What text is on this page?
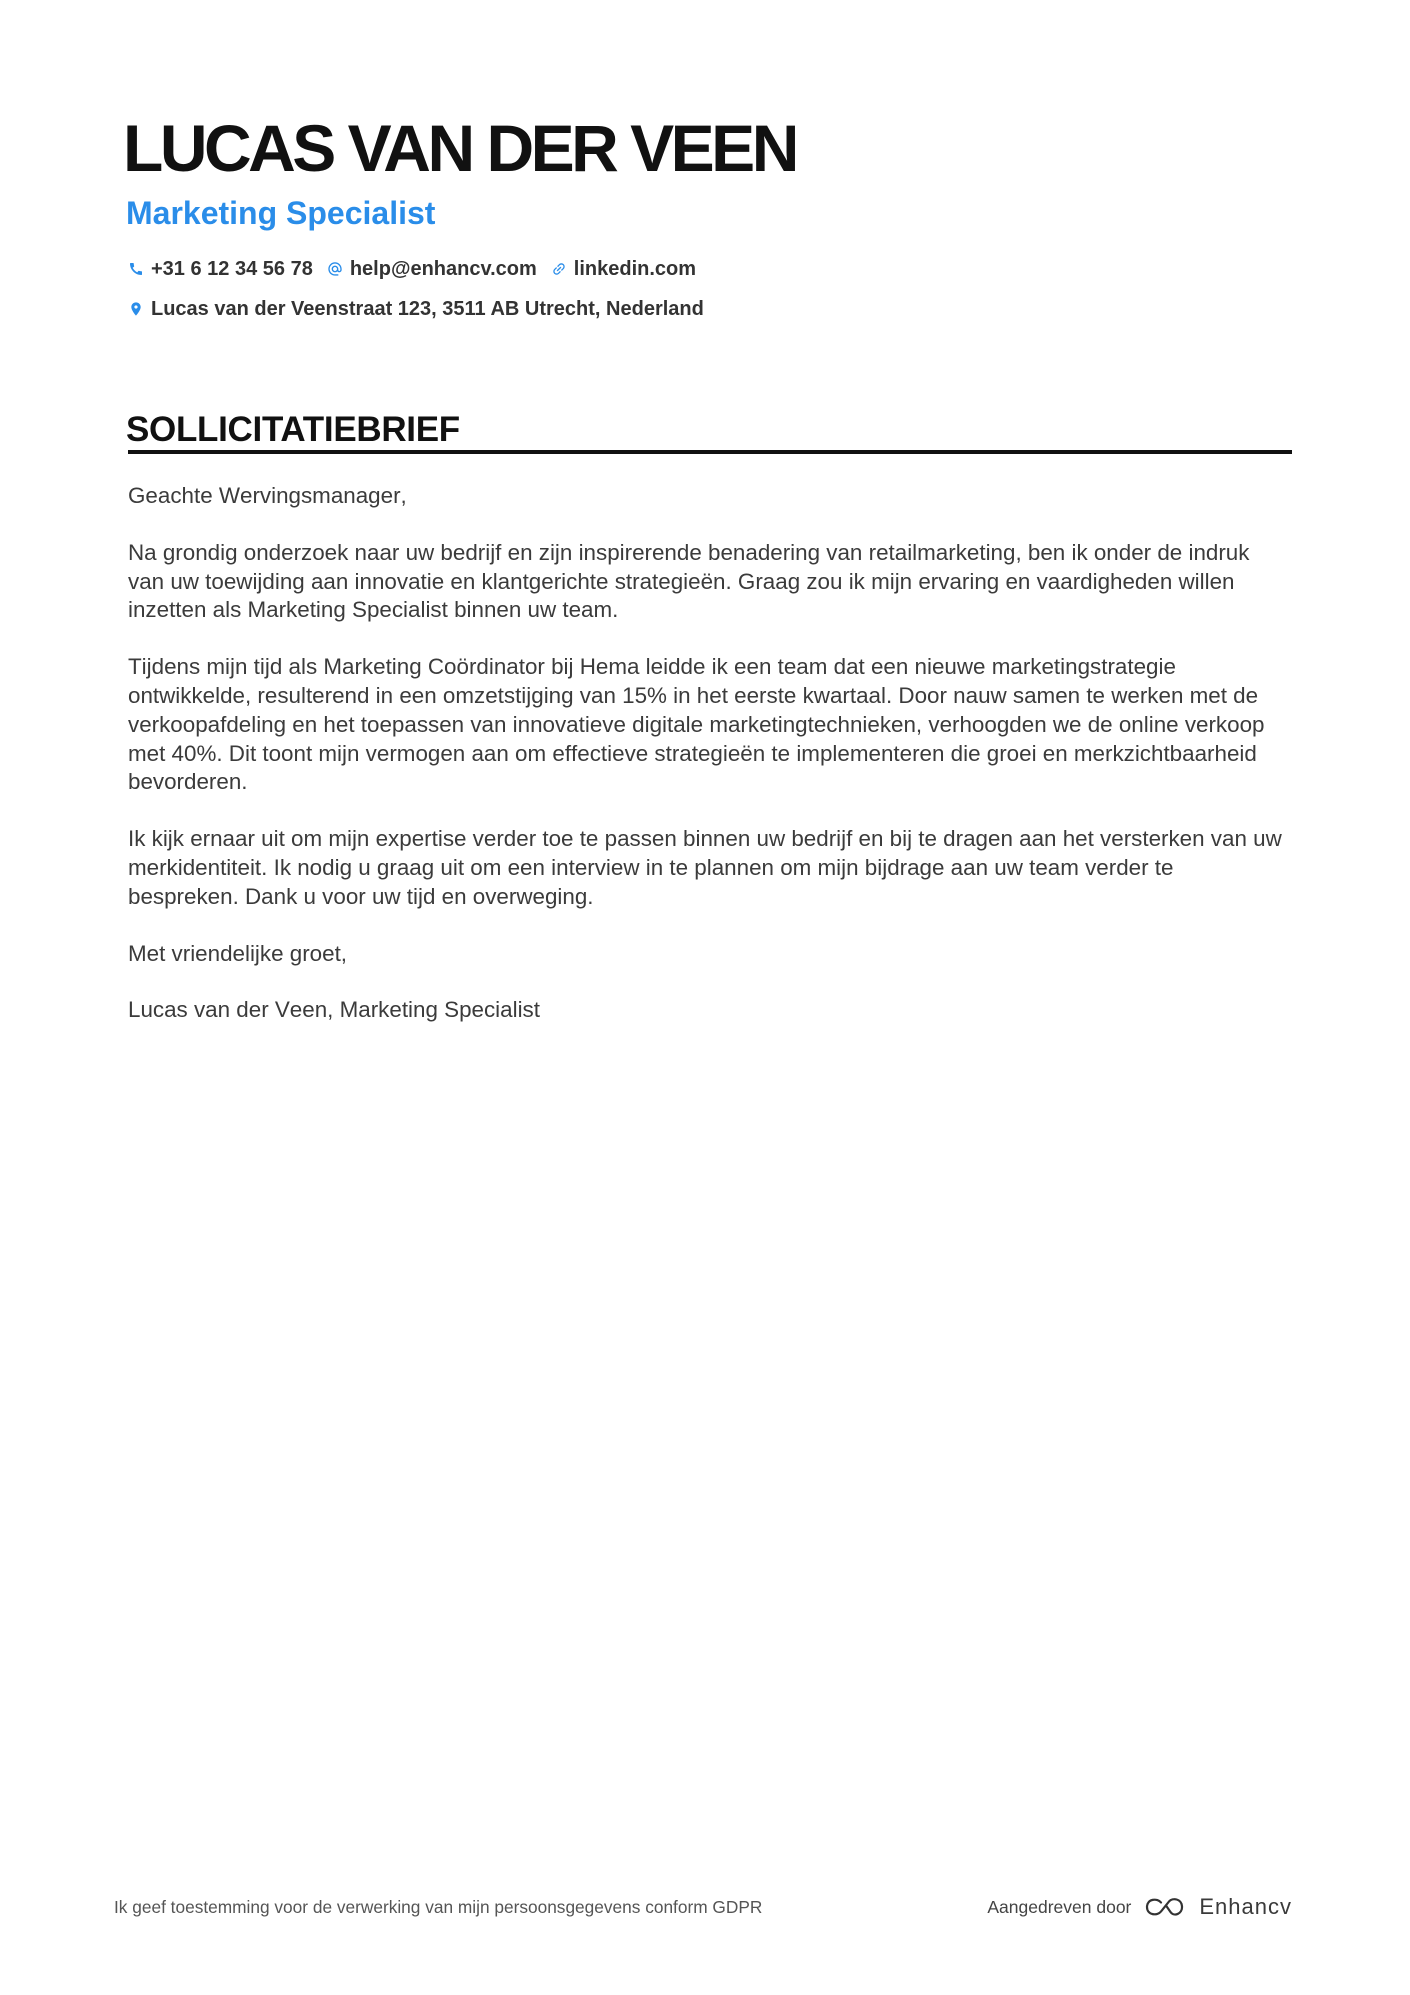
LUCAS VAN DER VEEN
Marketing Specialist
+31 6 12 34 56 78 help@enhancv.com linkedin.com
Lucas van der Veenstraat 123, 3511 AB Utrecht, Nederland
SOLLICITATIEBRIEF

Geachte Wervingsmanager,

Na grondig onderzoek naar uw bedrijf en zijn inspirerende benadering van retailmarketing, ben ik onder de indruk van uw toewijding aan innovatie en klantgerichte strategieën. Graag zou ik mijn ervaring en vaardigheden willen inzetten als Marketing Specialist binnen uw team.

Tijdens mijn tijd als Marketing Coördinator bij Hema leidde ik een team dat een nieuwe marketingstrategie ontwikkelde, resulterend in een omzetstijging van 15% in het eerste kwartaal. Door nauw samen te werken met de verkoopafdeling en het toepassen van innovatieve digitale marketingtechnieken, verhoogden we de online verkoop met 40%. Dit toont mijn vermogen aan om effectieve strategieën te implementeren die groei en merkzichtbaarheid bevorderen.

Ik kijk ernaar uit om mijn expertise verder toe te passen binnen uw bedrijf en bij te dragen aan het versterken van uw merkidentiteit. Ik nodig u graag uit om een interview in te plannen om mijn bijdrage aan uw team verder te bespreken. Dank u voor uw tijd en overweging.

Met vriendelijke groet,

Lucas van der Veen, Marketing Specialist

Ik geef toestemming voor de verwerking van mijn persoonsgegevens conform GDPR	Aangedreven door	Enhancv
